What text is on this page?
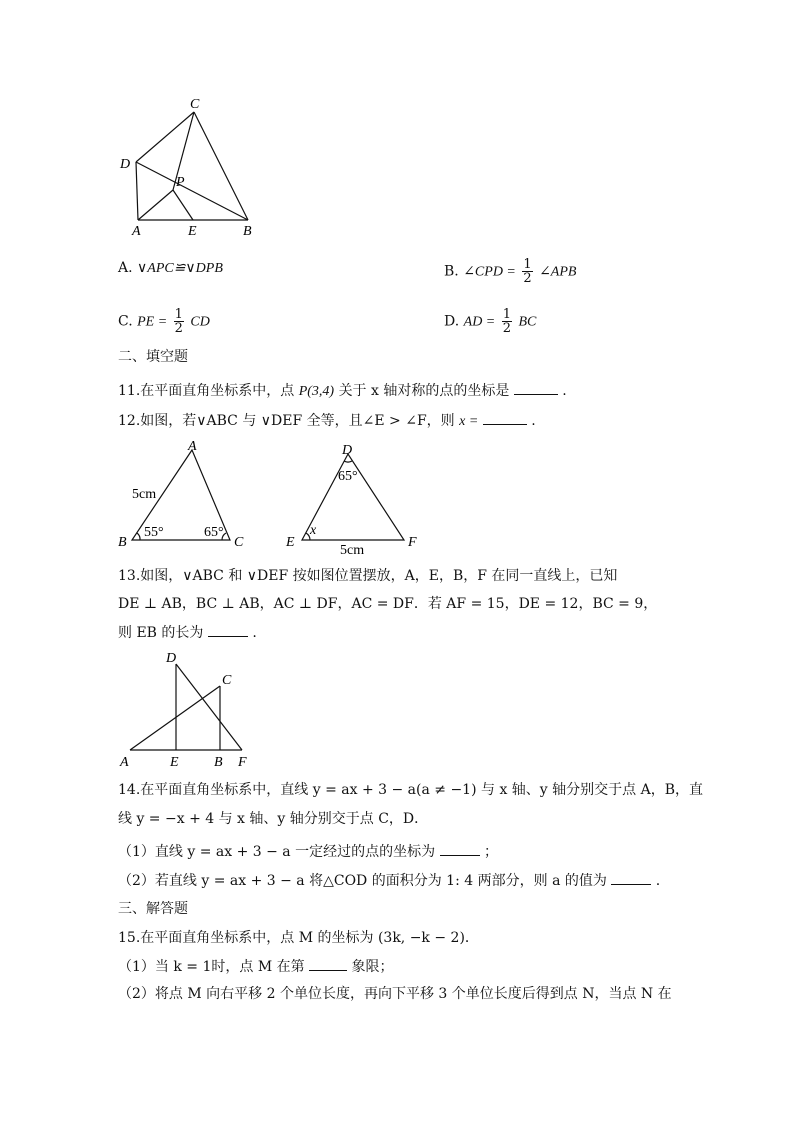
C
D
P
A	E	B
A. ∨APC≌∨DPB	B. ∠CPD = $\frac{1}{2}$ ∠APB
C. PE = $\frac{1}{2}$ CD	D. AD = $\frac{1}{2}$ BC
二、填空题
11.在平面直角坐标系中，点 P(3,4) 关于 x 轴对称的点的坐标是	.
12.如图，若∨ABC 与 ∨DEF 全等，且∠E > ∠F，则 x =	.
A
B	C
5cm
55°	65°
D
E	F
65°
x
5cm
13.如图，∨ABC 和 ∨DEF 按如图位置摆放，A，E，B，F 在同一直线上，已知
DE ⊥ AB，BC ⊥ AB，AC ⊥ DF，AC = DF．若 AF = 15，DE = 12，BC = 9，
则 EB 的长为	.
D
C
A	E	B F
14.在平面直角坐标系中，直线 y = ax + 3 − a(a ≠ −1) 与 x 轴、y 轴分别交于点 A，B，直
线 y = −x + 4 与 x 轴、y 轴分别交于点 C，D．
（1）直线 y = ax + 3 − a 一定经过的点的坐标为	；
（2）若直线 y = ax + 3 − a 将△COD 的面积分为 1: 4 两部分，则 a 的值为	.
三、解答题
15.在平面直角坐标系中，点 M 的坐标为 (3k, −k − 2)．
（1）当 k = 1时，点 M 在第	象限；
（2）将点 M 向右平移 2 个单位长度，再向下平移 3 个单位长度后得到点 N，当点 N 在
